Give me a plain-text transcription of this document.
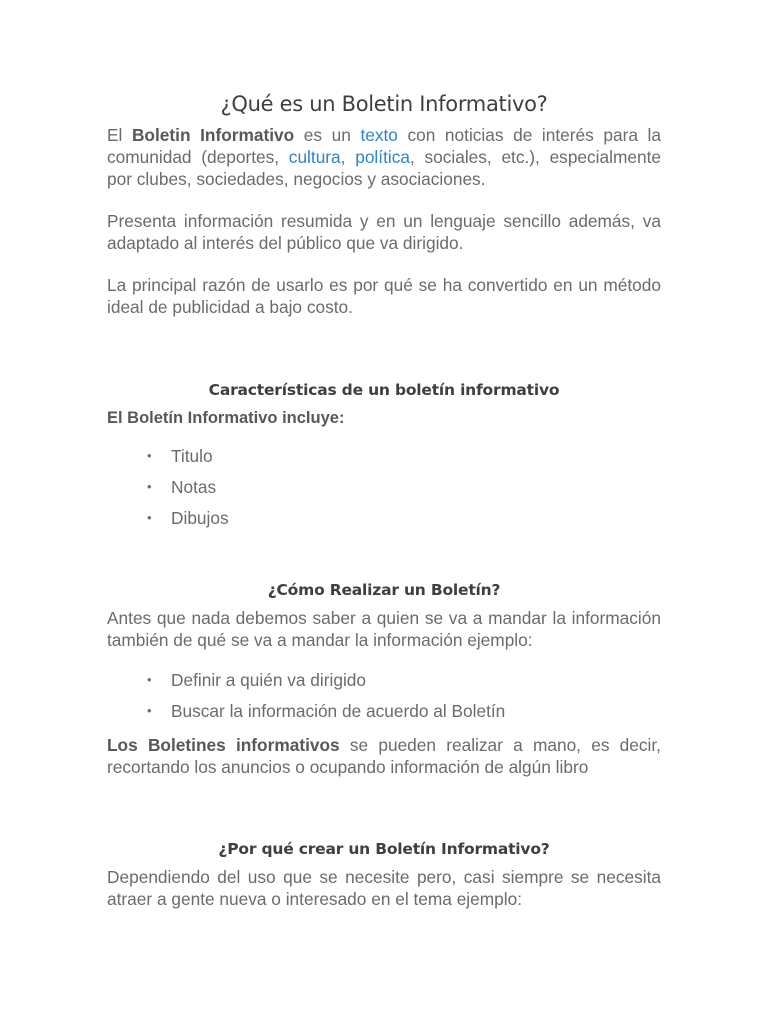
¿Qué es un Boletin Informativo?

El Boletin Informativo es un texto con noticias de interés para la comunidad (deportes, cultura, política, sociales, etc.), especialmente por clubes, sociedades, negocios y asociaciones.

Presenta información resumida y en un lenguaje sencillo además, va adaptado al interés del público que va dirigido.

La principal razón de usarlo es por qué se ha convertido en un método ideal de publicidad a bajo costo.

Características de un boletín informativo

El Boletín Informativo incluye:

• Titulo
• Notas
• Dibujos
¿Cómo Realizar un Boletín?

Antes que nada debemos saber a quien se va a mandar la información también de qué se va a mandar la información ejemplo:

• Definir a quién va dirigido
• Buscar la información de acuerdo al Boletín

Los Boletines informativos se pueden realizar a mano, es decir, recortando los anuncios o ocupando información de algún libro

¿Por qué crear un Boletín Informativo?

Dependiendo del uso que se necesite pero, casi siempre se necesita atraer a gente nueva o interesado en el tema ejemplo:
